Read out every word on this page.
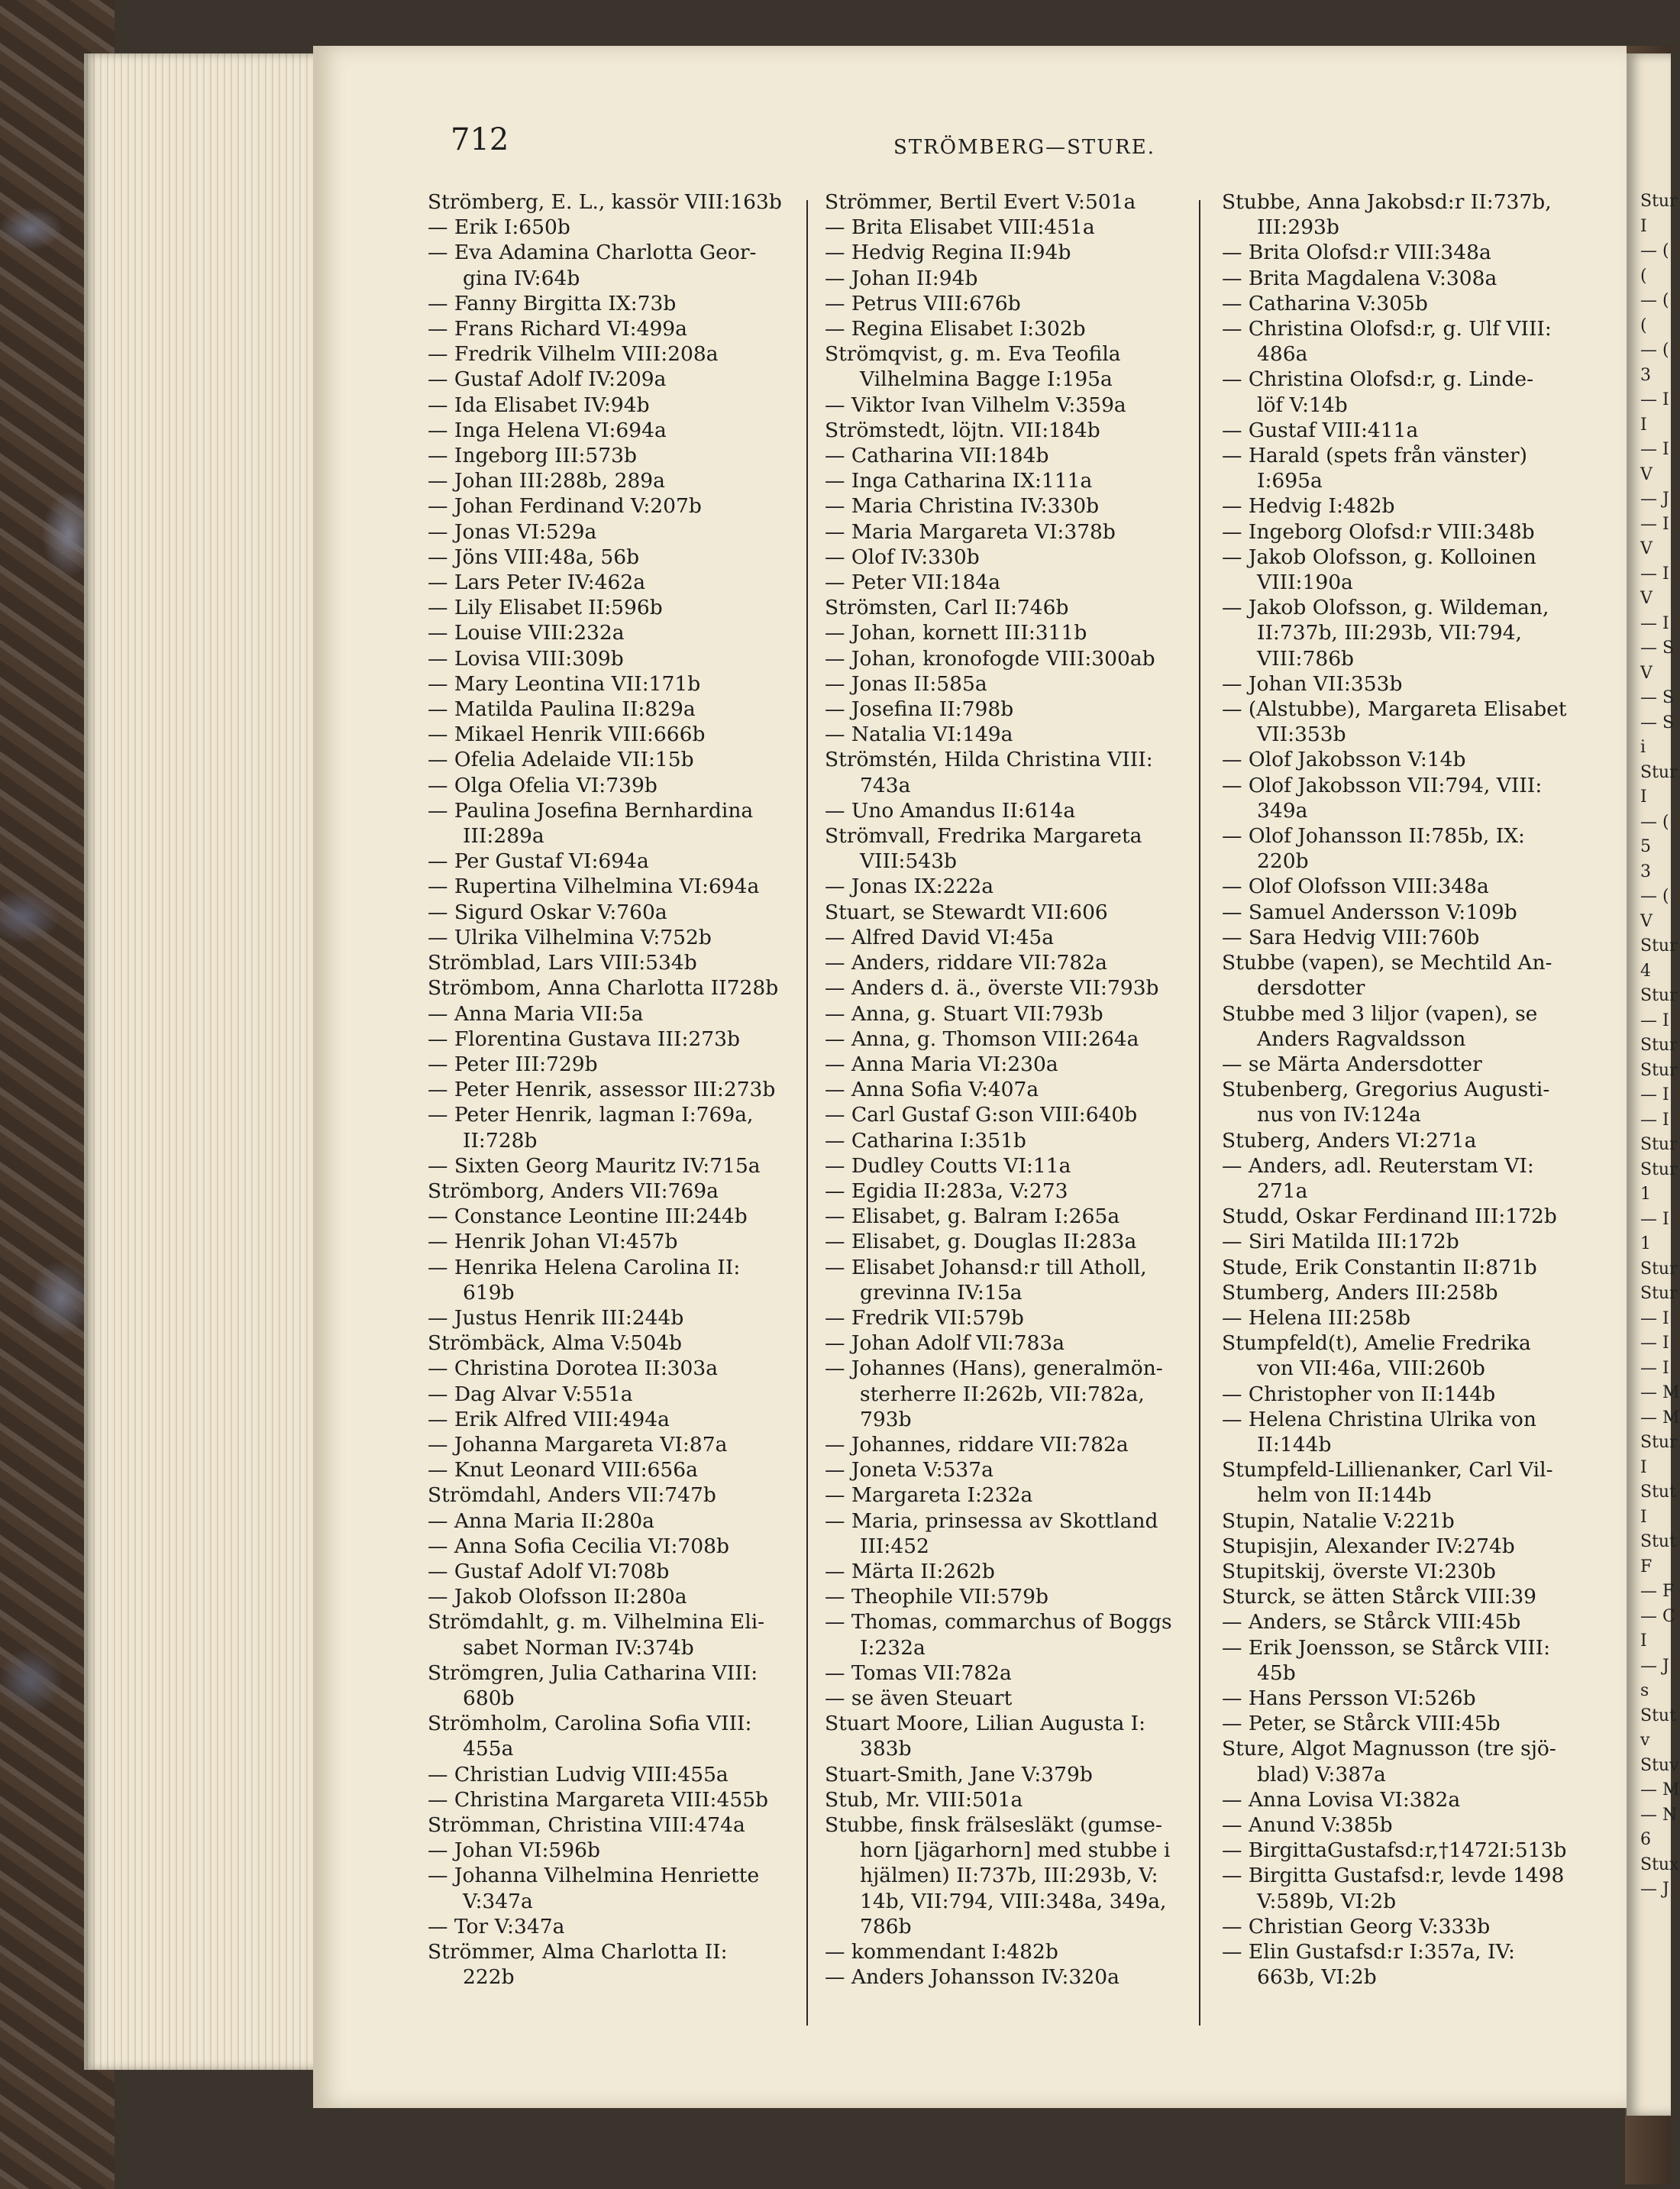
Stur
I
— (
(
— (
(
— (
3
— I
I
— I
V
— J
— I
V
— I
V
— I
— S
V
— S
— S
i
Stur
I
— (
5
3
— (
V
Stur
4
Stur
— I
Stur
Stur
— I
— I
Stur
Stur
1
— I
1
Stur
Stur
— I
— I
— I
— M
— M
Stur
I
Stut
I
Stut
F
— F
— C
I
— J
s
Stut
v
Stuv
— M
— N
6
Stux
— J
712	STRÖMBERG—STURE.
Strömberg, E. L., kassör VIII:163b
— Erik I:650b
— Eva Adamina Charlotta Geor-
gina IV:64b
— Fanny Birgitta IX:73b
— Frans Richard VI:499a
— Fredrik Vilhelm VIII:208a
— Gustaf Adolf IV:209a
— Ida Elisabet IV:94b
— Inga Helena VI:694a
— Ingeborg III:573b
— Johan III:288b, 289a
— Johan Ferdinand V:207b
— Jonas VI:529a
— Jöns VIII:48a, 56b
— Lars Peter IV:462a
— Lily Elisabet II:596b
— Louise VIII:232a
— Lovisa VIII:309b
— Mary Leontina VII:171b
— Matilda Paulina II:829a
— Mikael Henrik VIII:666b
— Ofelia Adelaide VII:15b
— Olga Ofelia VI:739b
— Paulina Josefina Bernhardina
III:289a
— Per Gustaf VI:694a
— Rupertina Vilhelmina VI:694a
— Sigurd Oskar V:760a
— Ulrika Vilhelmina V:752b
Strömblad, Lars VIII:534b
Strömbom, Anna Charlotta II728b
— Anna Maria VII:5a
— Florentina Gustava III:273b
— Peter III:729b
— Peter Henrik, assessor III:273b
— Peter Henrik, lagman I:769a,
II:728b
— Sixten Georg Mauritz IV:715a
Strömborg, Anders VII:769a
— Constance Leontine III:244b
— Henrik Johan VI:457b
— Henrika Helena Carolina II:
619b
— Justus Henrik III:244b
Strömbäck, Alma V:504b
— Christina Dorotea II:303a
— Dag Alvar V:551a
— Erik Alfred VIII:494a
— Johanna Margareta VI:87a
— Knut Leonard VIII:656a
Strömdahl, Anders VII:747b
— Anna Maria II:280a
— Anna Sofia Cecilia VI:708b
— Gustaf Adolf VI:708b
— Jakob Olofsson II:280a
Strömdahlt, g. m. Vilhelmina Eli-
sabet Norman IV:374b
Strömgren, Julia Catharina VIII:
680b
Strömholm, Carolina Sofia VIII:
455a
— Christian Ludvig VIII:455a
— Christina Margareta VIII:455b
Strömman, Christina VIII:474a
— Johan VI:596b
— Johanna Vilhelmina Henriette
V:347a
— Tor V:347a
Strömmer, Alma Charlotta II:
222b
Strömmer, Bertil Evert V:501a
— Brita Elisabet VIII:451a
— Hedvig Regina II:94b
— Johan II:94b
— Petrus VIII:676b
— Regina Elisabet I:302b
Strömqvist, g. m. Eva Teofila
Vilhelmina Bagge I:195a
— Viktor Ivan Vilhelm V:359a
Strömstedt, löjtn. VII:184b
— Catharina VII:184b
— Inga Catharina IX:111a
— Maria Christina IV:330b
— Maria Margareta VI:378b
— Olof IV:330b
— Peter VII:184a
Strömsten, Carl II:746b
— Johan, kornett III:311b
— Johan, kronofogde VIII:300ab
— Jonas II:585a
— Josefina II:798b
— Natalia VI:149a
Strömstén, Hilda Christina VIII:
743a
— Uno Amandus II:614a
Strömvall, Fredrika Margareta
VIII:543b
— Jonas IX:222a
Stuart, se Stewardt VII:606
— Alfred David VI:45a
— Anders, riddare VII:782a
— Anders d. ä., överste VII:793b
— Anna, g. Stuart VII:793b
— Anna, g. Thomson VIII:264a
— Anna Maria VI:230a
— Anna Sofia V:407a
— Carl Gustaf G:son VIII:640b
— Catharina I:351b
— Dudley Coutts VI:11a
— Egidia II:283a, V:273
— Elisabet, g. Balram I:265a
— Elisabet, g. Douglas II:283a
— Elisabet Johansd:r till Atholl,
grevinna IV:15a
— Fredrik VII:579b
— Johan Adolf VII:783a
— Johannes (Hans), generalmön-
sterherre II:262b, VII:782a,
793b
— Johannes, riddare VII:782a
— Joneta V:537a
— Margareta I:232a
— Maria, prinsessa av Skottland
III:452
— Märta II:262b
— Theophile VII:579b
— Thomas, commarchus of Boggs
I:232a
— Tomas VII:782a
— se även Steuart
Stuart Moore, Lilian Augusta I:
383b
Stuart-Smith, Jane V:379b
Stub, Mr. VIII:501a
Stubbe, finsk frälsesläkt (gumse-
horn [jägarhorn] med stubbe i
hjälmen) II:737b, III:293b, V:
14b, VII:794, VIII:348a, 349a,
786b
— kommendant I:482b
— Anders Johansson IV:320a
Stubbe, Anna Jakobsd:r II:737b,
III:293b
— Brita Olofsd:r VIII:348a
— Brita Magdalena V:308a
— Catharina V:305b
— Christina Olofsd:r, g. Ulf VIII:
486a
— Christina Olofsd:r, g. Linde-
löf V:14b
— Gustaf VIII:411a
— Harald (spets från vänster)
I:695a
— Hedvig I:482b
— Ingeborg Olofsd:r VIII:348b
— Jakob Olofsson, g. Kolloinen
VIII:190a
— Jakob Olofsson, g. Wildeman,
II:737b, III:293b, VII:794,
VIII:786b
— Johan VII:353b
— (Alstubbe), Margareta Elisabet
VII:353b
— Olof Jakobsson V:14b
— Olof Jakobsson VII:794, VIII:
349a
— Olof Johansson II:785b, IX:
220b
— Olof Olofsson VIII:348a
— Samuel Andersson V:109b
— Sara Hedvig VIII:760b
Stubbe (vapen), se Mechtild An-
dersdotter
Stubbe med 3 liljor (vapen), se
Anders Ragvaldsson
— se Märta Andersdotter
Stubenberg, Gregorius Augusti-
nus von IV:124a
Stuberg, Anders VI:271a
— Anders, adl. Reuterstam VI:
271a
Studd, Oskar Ferdinand III:172b
— Siri Matilda III:172b
Stude, Erik Constantin II:871b
Stumberg, Anders III:258b
— Helena III:258b
Stumpfeld(t), Amelie Fredrika
von VII:46a, VIII:260b
— Christopher von II:144b
— Helena Christina Ulrika von
II:144b
Stumpfeld-Lillienanker, Carl Vil-
helm von II:144b
Stupin, Natalie V:221b
Stupisjin, Alexander IV:274b
Stupitskij, överste VI:230b
Sturck, se ätten Stårck VIII:39
— Anders, se Stårck VIII:45b
— Erik Joensson, se Stårck VIII:
45b
— Hans Persson VI:526b
— Peter, se Stårck VIII:45b
Sture, Algot Magnusson (tre sjö-
blad) V:387a
— Anna Lovisa VI:382a
— Anund V:385b
— BirgittaGustafsd:r,†1472I:513b
— Birgitta Gustafsd:r, levde 1498
V:589b, VI:2b
— Christian Georg V:333b
— Elin Gustafsd:r I:357a, IV:
663b, VI:2b
